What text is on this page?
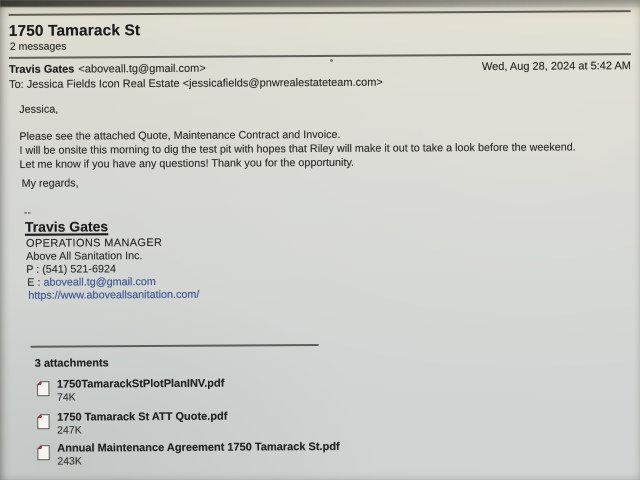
1750 Tamarack St
2 messages
Travis Gates <aboveall.tg@gmail.com>	Wed, Aug 28, 2024 at 5:42 AM
To: Jessica Fields Icon Real Estate <jessicafields@pnwrealestateteam.com>
Jessica,
Please see the attached Quote, Maintenance Contract and Invoice.
I will be onsite this morning to dig the test pit with hopes that Riley will make it out to take a look before the weekend.
Let me know if you have any questions! Thank you for the opportunity.
My regards,
--
Travis Gates
OPERATIONS MANAGER
Above All Sanitation Inc.
P : (541) 521-6924
E : aboveall.tg@gmail.com
https://www.aboveallsanitation.com/
3 attachments
1750TamarackStPlotPlanINV.pdf
74K
1750 Tamarack St ATT Quote.pdf
247K
Annual Maintenance Agreement 1750 Tamarack St.pdf
243K
